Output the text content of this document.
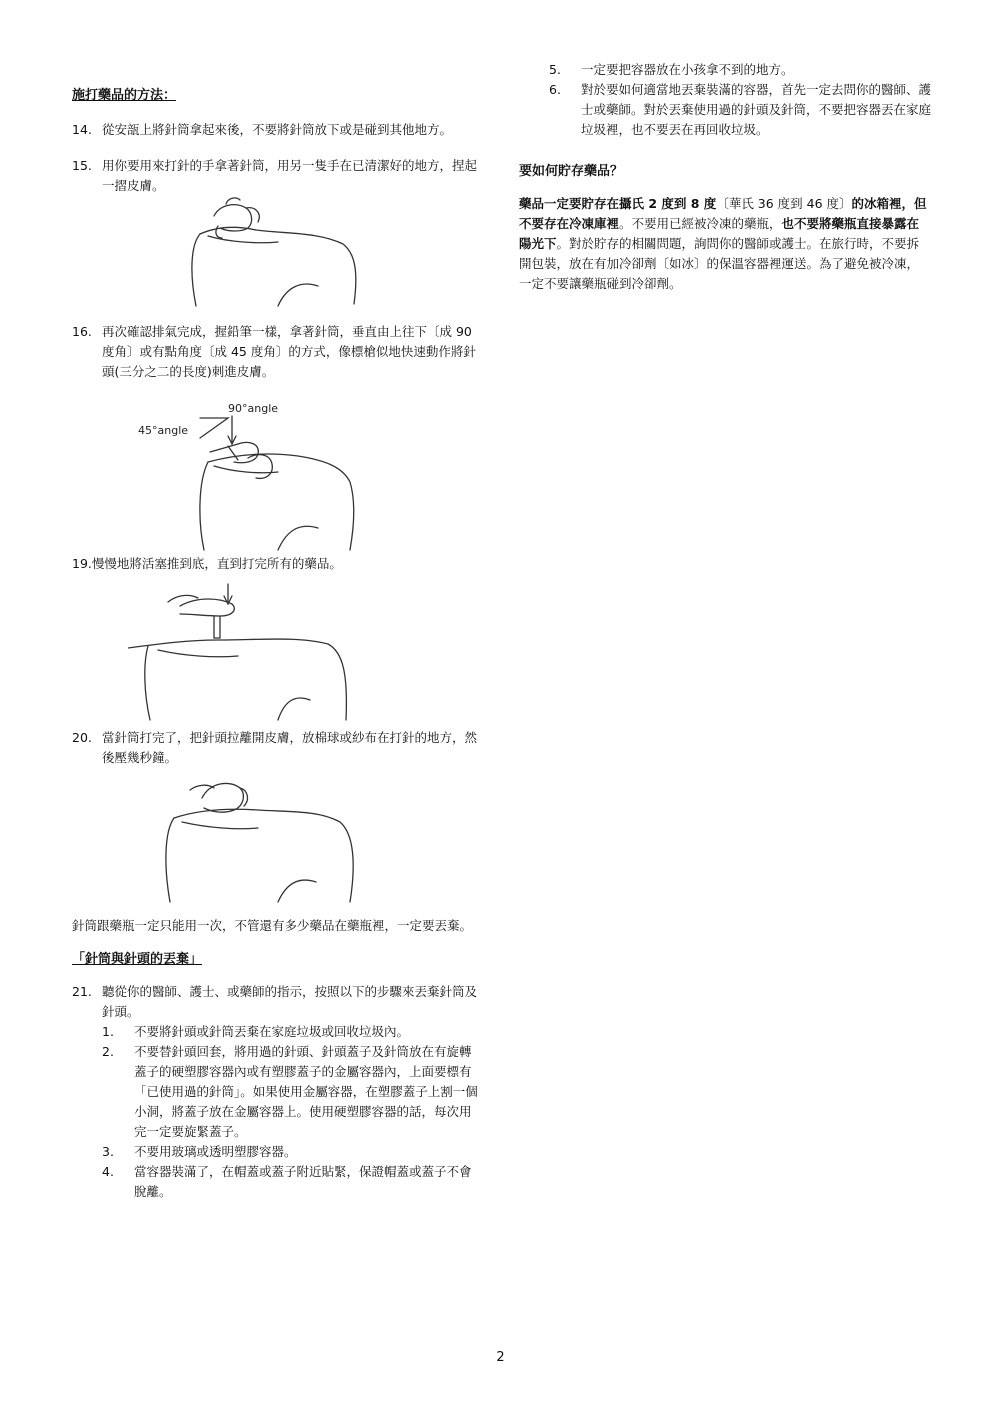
施打藥品的方法：

14. 從安瓿上將針筒拿起來後，不要將針筒放下或是碰到其他地方。
15. 用你要用來打針的手拿著針筒，用另一隻手在已清潔好的地方，捏起一摺皮膚。
16. 再次確認排氣完成，握鉛筆一樣，拿著針筒，垂直由上往下〔成 90 度角〕或有點角度〔成 45 度角〕的方式，像標槍似地快速動作將針頭(三分之二的長度)刺進皮膚。
90°angle
45°angle
19.慢慢地將活塞推到底，直到打完所有的藥品。
20. 當針筒打完了，把針頭拉離開皮膚，放棉球或紗布在打針的地方，然後壓幾秒鐘。
針筒跟藥瓶一定只能用一次，不管還有多少藥品在藥瓶裡，一定要丟棄。

「針筒與針頭的丟棄」

21. 聽從你的醫師、護士、或藥師的指示，按照以下的步驟來丟棄針筒及針頭。
1.	不要將針頭或針筒丟棄在家庭垃圾或回收垃圾內。
2.	不要替針頭回套，將用過的針頭、針頭蓋子及針筒放在有旋轉蓋子的硬塑膠容器內或有塑膠蓋子的金屬容器內，上面要標有「已使用過的針筒」。如果使用金屬容器，在塑膠蓋子上割一個小洞，將蓋子放在金屬容器上。使用硬塑膠容器的話，每次用完一定要旋緊蓋子。
3.	不要用玻璃或透明塑膠容器。
4.	當容器裝滿了，在帽蓋或蓋子附近貼緊，保證帽蓋或蓋子不會脫離。
5.	一定要把容器放在小孩拿不到的地方。
6.	對於要如何適當地丟棄裝滿的容器，首先一定去問你的醫師、護士或藥師。對於丟棄使用過的針頭及針筒，不要把容器丟在家庭垃圾裡，也不要丟在再回收垃圾。

要如何貯存藥品？

藥品一定要貯存在攝氏 2 度到 8 度〔華氏 36 度到 46 度〕的冰箱裡，但不要存在冷凍庫裡。不要用已經被冷凍的藥瓶，也不要將藥瓶直接暴露在陽光下。對於貯存的相關問題，詢問你的醫師或護士。在旅行時，不要拆開包裝，放在有加冷卻劑〔如冰〕的保溫容器裡運送。為了避免被冷凍，一定不要讓藥瓶碰到冷卻劑。
2
